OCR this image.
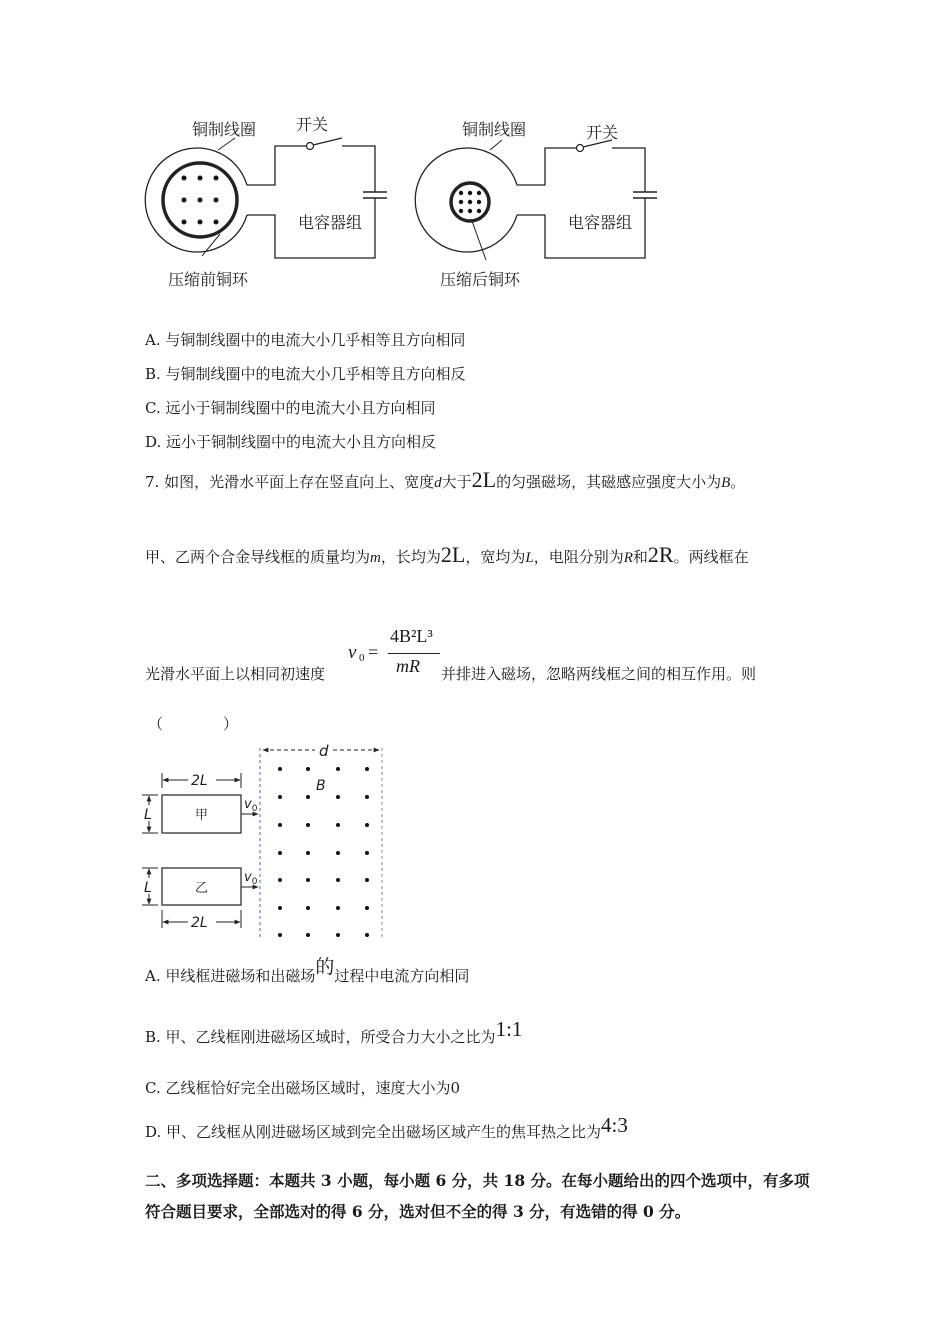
铜制线圈 开关
电容器组
压缩前铜环
铜制线圈	开关
电容器组
压缩后铜环
A. 与铜制线圈中的电流大小几乎相等且方向相同
B. 与铜制线圈中的电流大小几乎相等且方向相反
C. 远小于铜制线圈中的电流大小且方向相同
D. 远小于铜制线圈中的电流大小且方向相反
7. 如图，光滑水平面上存在竖直向上、宽度d大于2L的匀强磁场，其磁感应强度大小为B。
甲、乙两个合金导线框的质量均为m，长均为2L，宽均为L，电阻分别为R和2R。两线框在
v 0 =
4B²L³
mR
光滑水平面上以相同初速度	并排进入磁场，忽略两线框之间的相互作用。则
（　　　　）
d
B
2L
甲
L
$v_0$
乙
L
$v_0$
2L
A. 甲线框进磁场和出磁场的过程中电流方向相同
B. 甲、乙线框刚进磁场区域时，所受合力大小之比为1:1
C. 乙线框恰好完全出磁场区域时，速度大小为0
D. 甲、乙线框从刚进磁场区域到完全出磁场区域产生的焦耳热之比为4:3
二、多项选择题：本题共 3 小题，每小题 6 分，共 18 分。在每小题给出的四个选项中，有多项
符合题目要求，全部选对的得 6 分，选对但不全的得 3 分，有选错的得 0 分。
